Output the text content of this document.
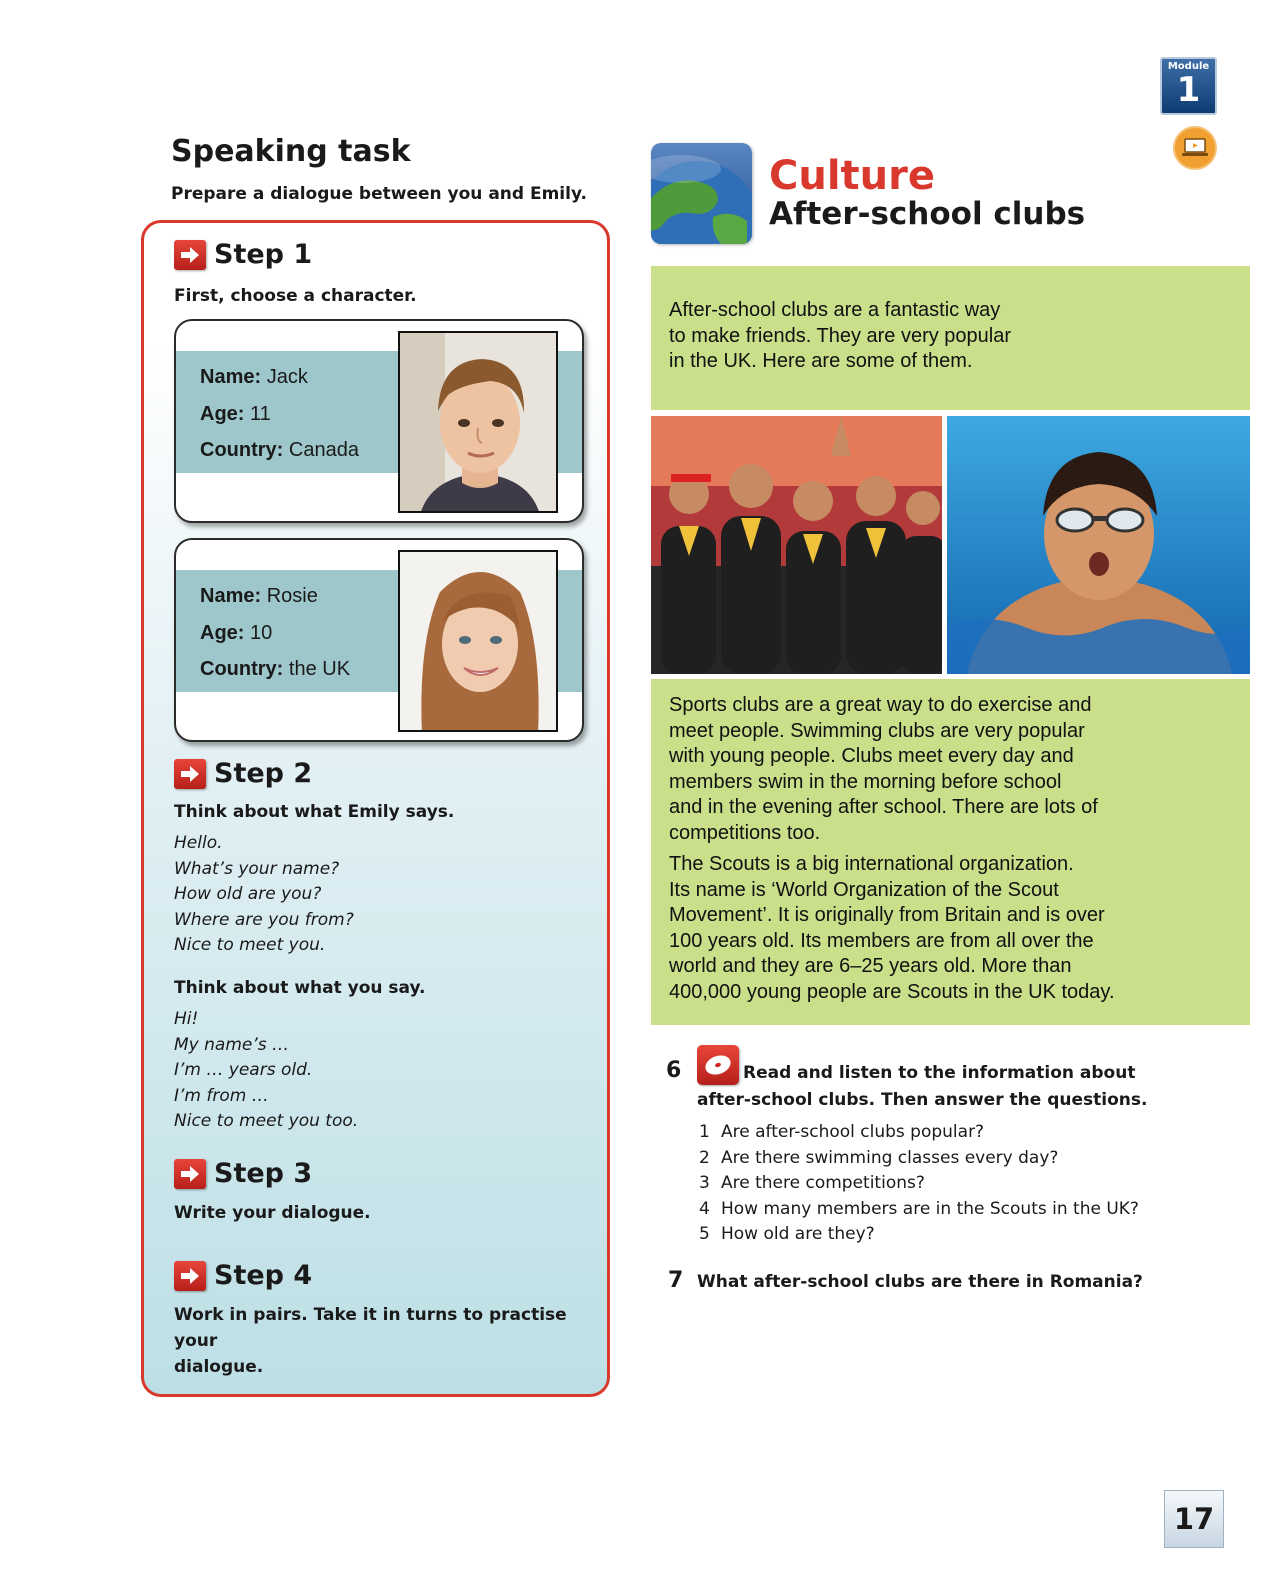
Module
1
Speaking task
Prepare a dialogue between you and Emily.
Step 1
First, choose a character.
Name: Jack
Age: 11
Country: Canada
Name: Rosie
Age: 10
Country: the UK
Step 2
Think about what Emily says.
Hello.
What’s your name?
How old are you?
Where are you from?
Nice to meet you.
Think about what you say.
Hi!
My name’s …
I’m … years old.
I’m from …
Nice to meet you too.
Step 3
Write your dialogue.
Step 4
Work in pairs. Take it in turns to practise your
dialogue.
Culture
After-school clubs
After-school clubs are a fantastic way
to make friends. They are very popular
in the UK. Here are some of them.
Sports clubs are a great way to do exercise and
meet people. Swimming clubs are very popular
with young people. Clubs meet every day and
members swim in the morning before school
and in the evening after school. There are lots of
competitions too.
The Scouts is a big international organization.
Its name is ‘World Organization of the Scout
Movement’. It is originally from Britain and is over
100 years old. Its members are from all over the
world and they are 6–25 years old. More than
400,000 young people are Scouts in the UK today.
6	Read and listen to the information about
after-school clubs. Then answer the questions.
1 Are after-school clubs popular?
2 Are there swimming classes every day?
3 Are there competitions?
4 How many members are in the Scouts in the UK?
5 How old are they?
7 What after-school clubs are there in Romania?
17
